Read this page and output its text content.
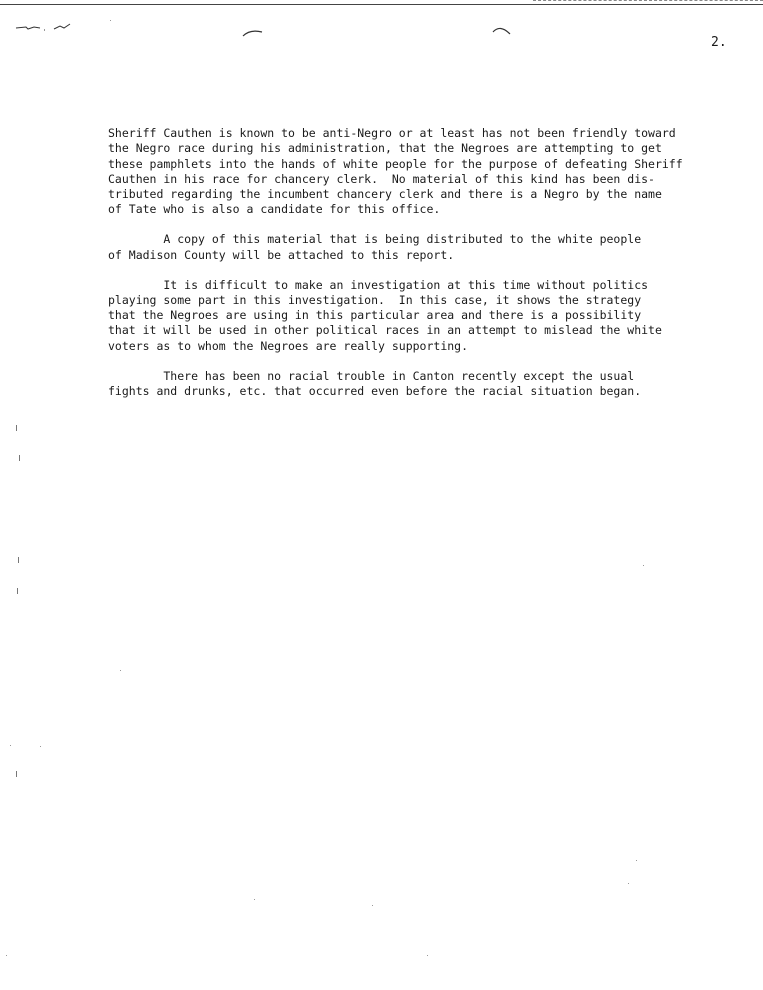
2.

Sheriff Cauthen is known to be anti-Negro or at least has not been friendly toward
the Negro race during his administration, that the Negroes are attempting to get
these pamphlets into the hands of white people for the purpose of defeating Sheriff
Cauthen in his race for chancery clerk.  No material of this kind has been dis-
tributed regarding the incumbent chancery clerk and there is a Negro by the name
of Tate who is also a candidate for this office.

A copy of this material that is being distributed to the white people
of Madison County will be attached to this report.

It is difficult to make an investigation at this time without politics
playing some part in this investigation.  In this case, it shows the strategy
that the Negroes are using in this particular area and there is a possibility
that it will be used in other political races in an attempt to mislead the white
voters as to whom the Negroes are really supporting.

There has been no racial trouble in Canton recently except the usual
fights and drunks, etc. that occurred even before the racial situation began.
